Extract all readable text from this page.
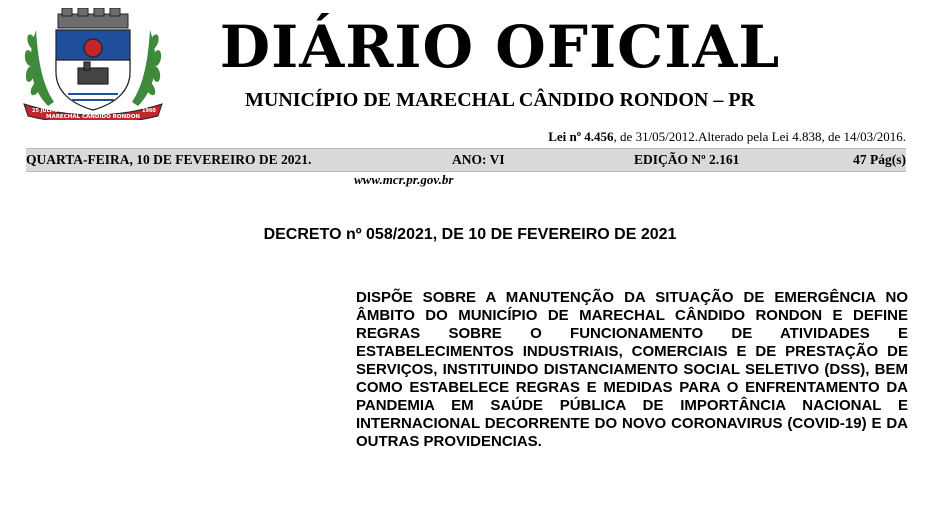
25 JULHO
MARECHAL CÂNDIDO RONDON
1960
DIÁRIO OFICIAL
MUNICÍPIO DE MARECHAL CÂNDIDO RONDON – PR
Lei nº 4.456, de 31/05/2012.Alterado pela Lei 4.838, de 14/03/2016.
QUARTA-FEIRA, 10 DE FEVEREIRO DE 2021.	ANO: VI	EDIÇÃO Nº 2.161	47 Pág(s)
www.mcr.pr.gov.br
DECRETO nº 058/2021, DE 10 DE FEVEREIRO DE 2021
DISPÕE SOBRE A MANUTENÇÃO DA SITUAÇÃO DE EMERGÊNCIA NO ÂMBITO DO MUNICÍPIO DE MARECHAL CÂNDIDO RONDON E DEFINE REGRAS SOBRE O FUNCIONAMENTO DE ATIVIDADES E ESTABELECIMENTOS INDUSTRIAIS, COMERCIAIS E DE PRESTAÇÃO DE SERVIÇOS, INSTITUINDO DISTANCIAMENTO SOCIAL SELETIVO (DSS), BEM COMO ESTABELECE REGRAS E MEDIDAS PARA O ENFRENTAMENTO DA PANDEMIA EM SAÚDE PÚBLICA DE IMPORTÂNCIA NACIONAL E INTERNACIONAL DECORRENTE DO NOVO CORONAVIRUS (COVID-19) E DA OUTRAS PROVIDENCIAS.
